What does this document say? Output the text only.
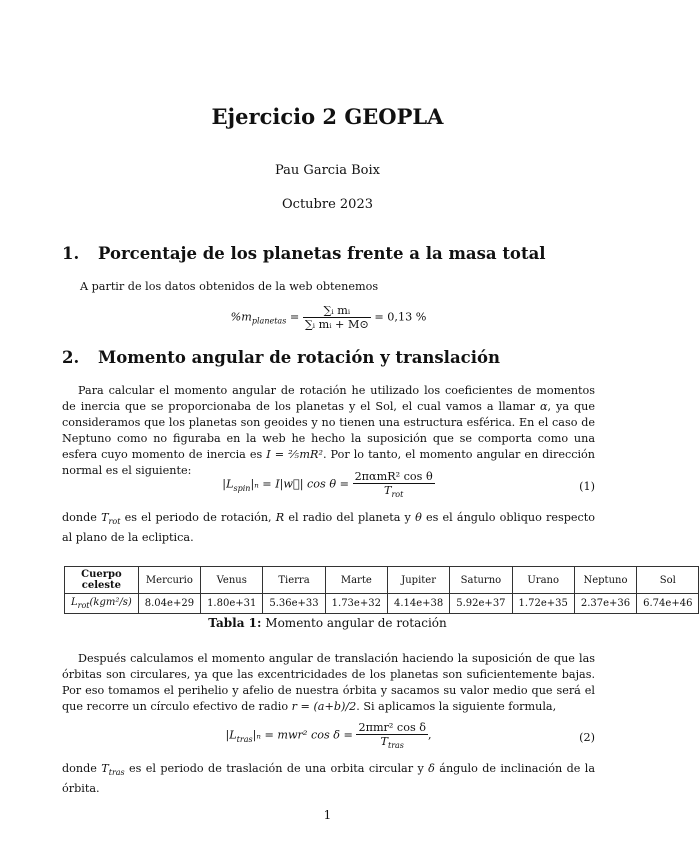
Ejercicio 2 GEOPLA
Pau Garcia Boix
Octubre 2023
1. Porcentaje de los planetas frente a la masa total
A partir de los datos obtenidos de la web obtenemos
$\%m_{planetas} = \frac{\text{∑ᵢ mᵢ}}{\text{∑ᵢ mᵢ + M⊙}} = 0,13$ %
2. Momento angular de rotación y translación
Para calcular el momento angular de rotación he utilizado los coeficientes de momentos de inercia que se proporcionaba de los planetas y el Sol, el cual vamos a llamar α, ya que consideramos que los planetas son geoides y no tienen una estructura esférica. En el caso de Neptuno como no figuraba en la web he hecho la suposición que se comporta como una esfera cuyo momento de inercia es I = ⅖mR². Por lo tanto, el momento angular en dirección normal es el siguiente:
$|L_{spin}|_n$ = I|w⃗| $\cos \theta = \frac{\text{2παmR² cos θ}}{T_{rot}}$	(1)
donde $T_{rot}$ es el periodo de rotación, R el radio del planeta y θ es el ángulo obliquo respecto al plano de la ecliptica.
Cuerpo celeste	Mercurio	Venus	Tierra	Marte	Jupiter	Saturno	Urano	Neptuno	Sol
$L_{rot}(kgm^2/s)$	8.04e+29	1.80e+31	5.36e+33	1.73e+32	4.14e+38	5.92e+37	1.72e+35	2.37e+36	6.74e+46
Tabla 1: Momento angular de rotación
Después calculamos el momento angular de translación haciendo la suposición de que las órbitas son circulares, ya que las excentricidades de los planetas son suficientemente bajas. Por eso tomamos el perihelio y afelio de nuestra órbita y sacamos su valor medio que será el que recorre un círculo efectivo de radio r = (a+b)/2. Si aplicamos la siguiente formula,
$|L_{tras}|_n = mwr^2$ $\cos \delta = \frac{\text{2πmr² cos δ}}{T_{tras}}$ ,	(2)
donde $T_{tras}$ es el periodo de traslación de una orbita circular y δ ángulo de inclinación de la órbita.
1
